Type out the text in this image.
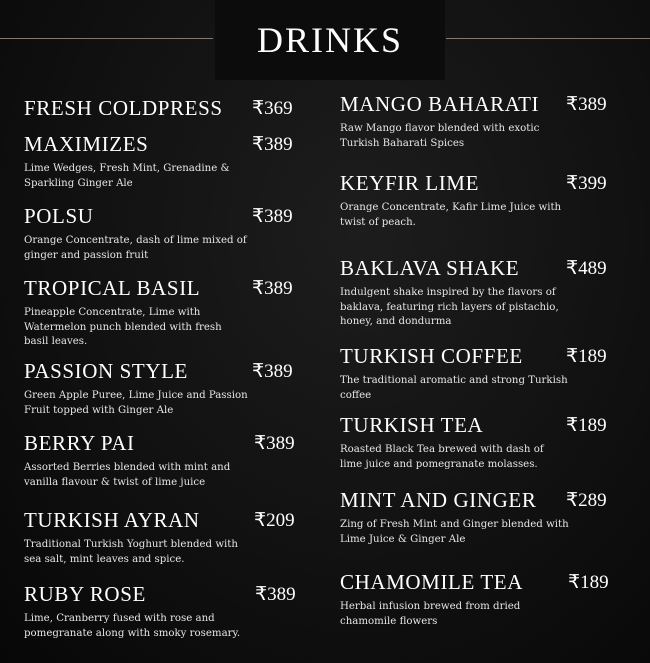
DRINKS
FRESH COLDPRESS ₹369
MAXIMIZES	₹389
Lime Wedges, Fresh Mint, Grenadine & Sparkling Ginger Ale
POLSU	₹389
Orange Concentrate, dash of lime mixed of ginger and passion fruit
TROPICAL BASIL	₹389
Pineapple Concentrate, Lime with Watermelon punch blended with fresh basil leaves.
PASSION STYLE	₹389
Green Apple Puree, Lime Juice and Passion Fruit topped with Ginger Ale
BERRY PAI	₹389
Assorted Berries blended with mint and vanilla flavour & twist of lime juice
TURKISH AYRAN	₹209
Traditional Turkish Yoghurt blended with sea salt, mint leaves and spice.
RUBY ROSE	₹389
Lime, Cranberry fused with rose and pomegranate along with smoky rosemary.
MANGO BAHARATI ₹389
Raw Mango flavor blended with exotic Turkish Baharati Spices
KEYFIR LIME	₹399
Orange Concentrate, Kafir Lime Juice with twist of peach.
BAKLAVA SHAKE ₹489
Indulgent shake inspired by the flavors of baklava, featuring rich layers of pistachio, honey, and dondurma
TURKISH COFFEE ₹189
The traditional aromatic and strong Turkish coffee
TURKISH TEA	₹189
Roasted Black Tea brewed with dash of lime juice and pomegranate molasses.
MINT AND GINGER ₹289
Zing of Fresh Mint and Ginger blended with Lime Juice & Ginger Ale
CHAMOMILE TEA ₹189
Herbal infusion brewed from dried chamomile flowers
